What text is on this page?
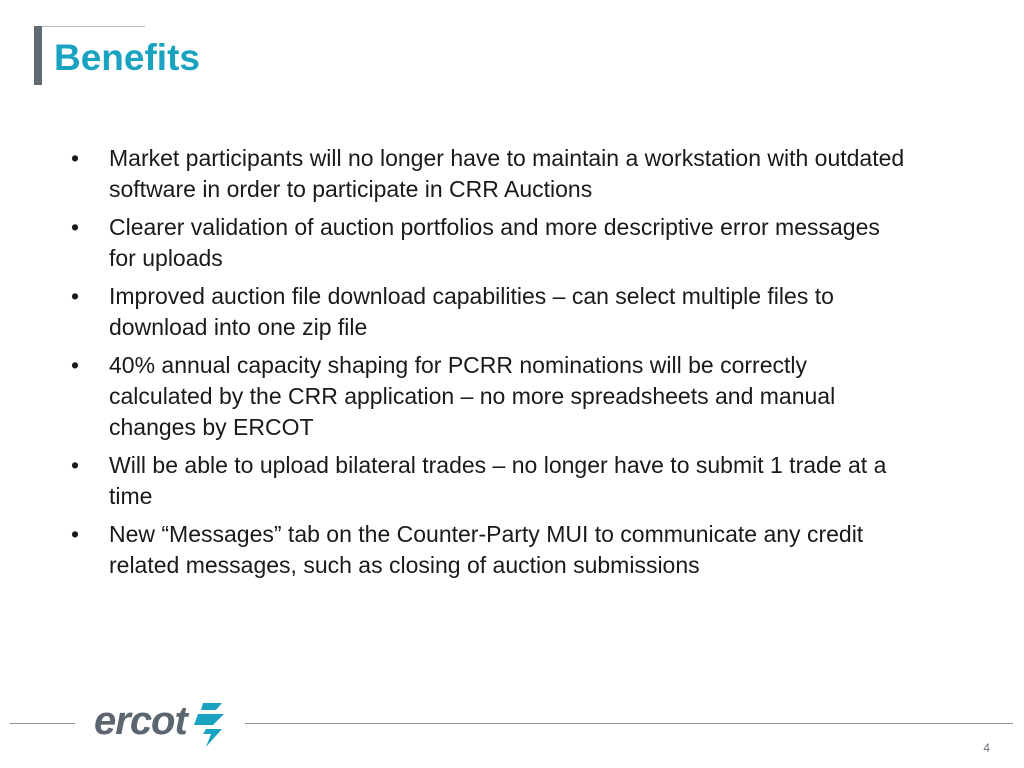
Benefits
• Market participants will no longer have to maintain a workstation with outdated software in order to participate in CRR Auctions
• Clearer validation of auction portfolios and more descriptive error messages for uploads
• Improved auction file download capabilities – can select multiple files to download into one zip file
• 40% annual capacity shaping for PCRR nominations will be correctly calculated by the CRR application – no more spreadsheets and manual changes by ERCOT
• Will be able to upload bilateral trades – no longer have to submit 1 trade at a time
• New “Messages” tab on the Counter-Party MUI to communicate any credit related messages, such as closing of auction submissions
ercot
4
